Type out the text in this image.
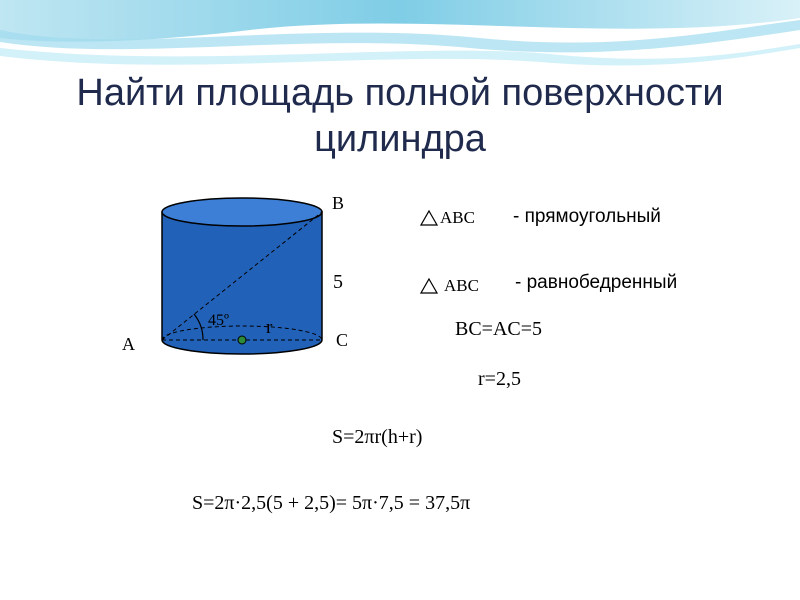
Найти площадь полной поверхности
цилиндра
A
B
C
5
45º r
ABC - прямоугольный
ABC - равнобедренный
BC=AC=5
r=2,5
S=2πr(h+r)
S=2π·2,5(5 + 2,5)= 5π·7,5 = 37,5π
